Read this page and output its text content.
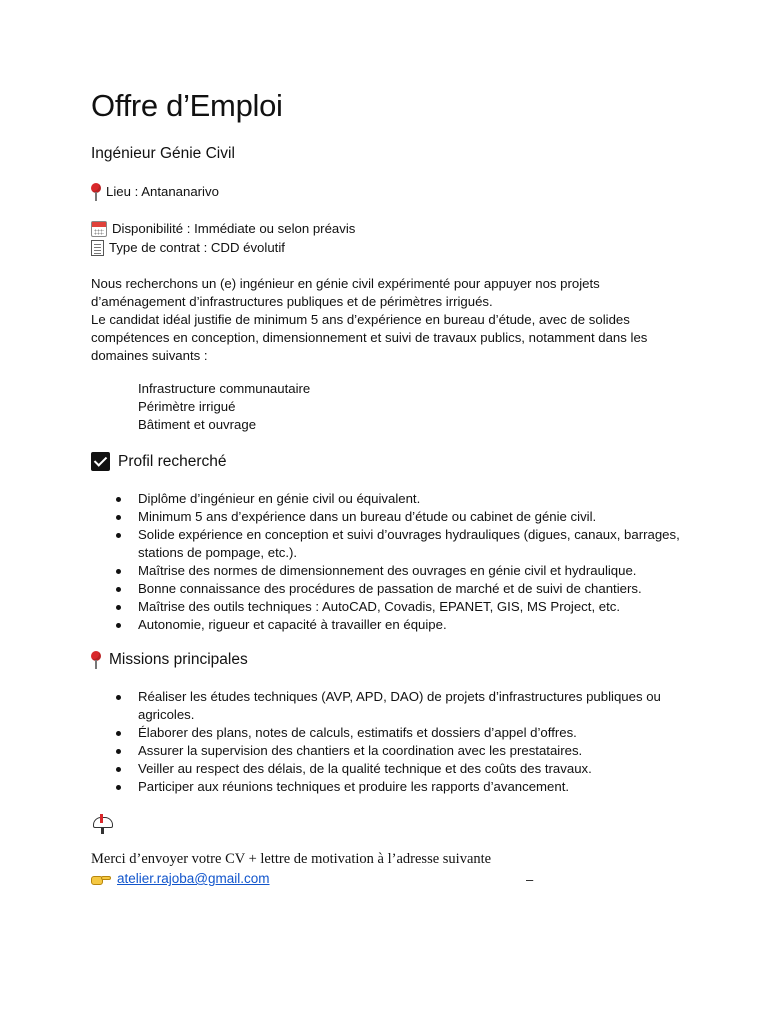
Offre d’Emploi
Ingénieur Génie Civil
Lieu : Antananarivo
Disponibilité : Immédiate ou selon préavis
Type de contrat : CDD évolutif

Nous recherchons un (e) ingénieur en génie civil expérimenté pour appuyer nos projets d’aménagement d’infrastructures publiques et de périmètres irrigués.

Le candidat idéal justifie de minimum 5 ans d’expérience en bureau d’étude, avec de solides compétences en conception, dimensionnement et suivi de travaux publics, notamment dans les domaines suivants :

Infrastructure communautaire
Périmètre irrigué
Bâtiment et ouvrage
Profil recherché
Diplôme d’ingénieur en génie civil ou équivalent.
Minimum 5 ans d’expérience dans un bureau d’étude ou cabinet de génie civil.
Solide expérience en conception et suivi d’ouvrages hydrauliques (digues, canaux, barrages, stations de pompage, etc.).
Maîtrise des normes de dimensionnement des ouvrages en génie civil et hydraulique.
Bonne connaissance des procédures de passation de marché et de suivi de chantiers.
Maîtrise des outils techniques : AutoCAD, Covadis, EPANET, GIS, MS Project, etc.
Autonomie, rigueur et capacité à travailler en équipe.
Missions principales
Réaliser les études techniques (AVP, APD, DAO) de projets d’infrastructures publiques ou agricoles.
Élaborer des plans, notes de calculs, estimatifs et dossiers d’appel d’offres.
Assurer la supervision des chantiers et la coordination avec les prestataires.
Veiller au respect des délais, de la qualité technique et des coûts des travaux.
Participer aux réunions techniques et produire les rapports d’avancement.
Merci d’envoyer votre CV + lettre de motivation à l’adresse suivante
atelier.rajoba@gmail.com	–
